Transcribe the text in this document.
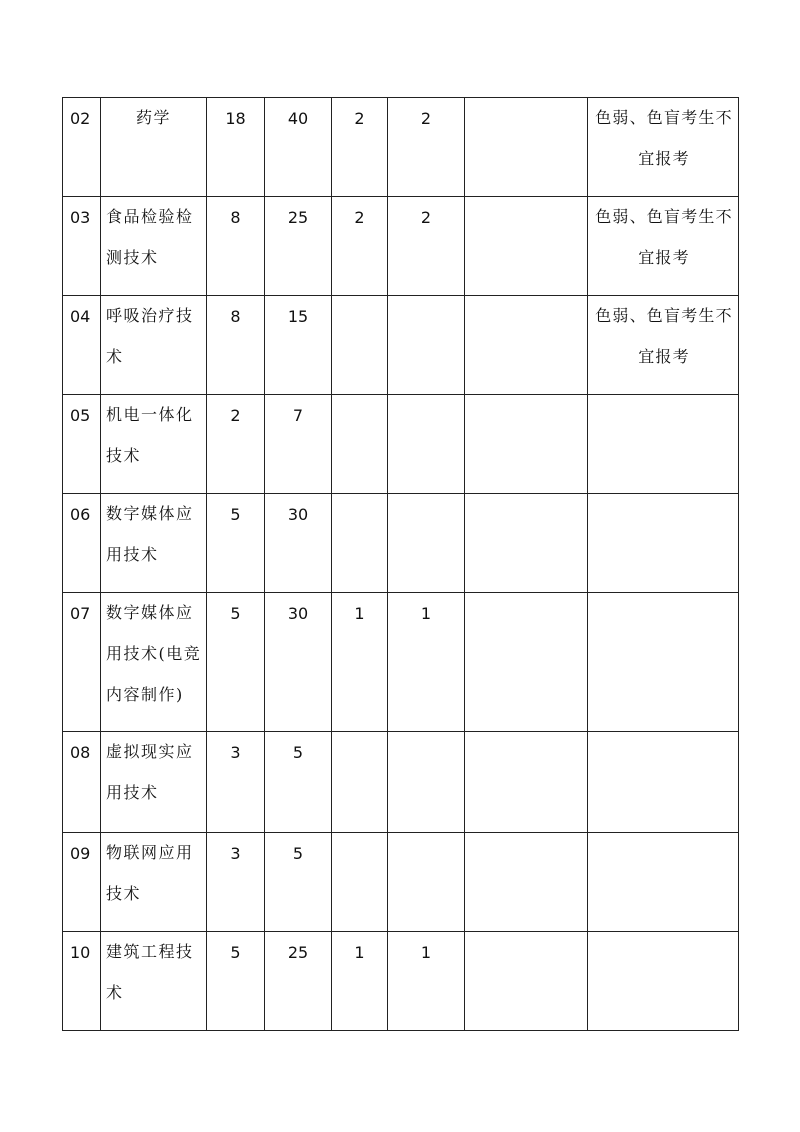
02	药学	18	40	2	2		色弱、色盲考生不宜报考

03	食品检验检测技术	8	25	2	2		色弱、色盲考生不宜报考

04	呼吸治疗技术	8	15				色弱、色盲考生不宜报考

05	机电一体化技术	2	7				

06	数字媒体应用技术	5	30				

07	数字媒体应用技术(电竞内容制作)	5	30	1	1		

08	虚拟现实应用技术	3	5				

09	物联网应用技术	3	5				

10	建筑工程技术	5	25	1	1		
